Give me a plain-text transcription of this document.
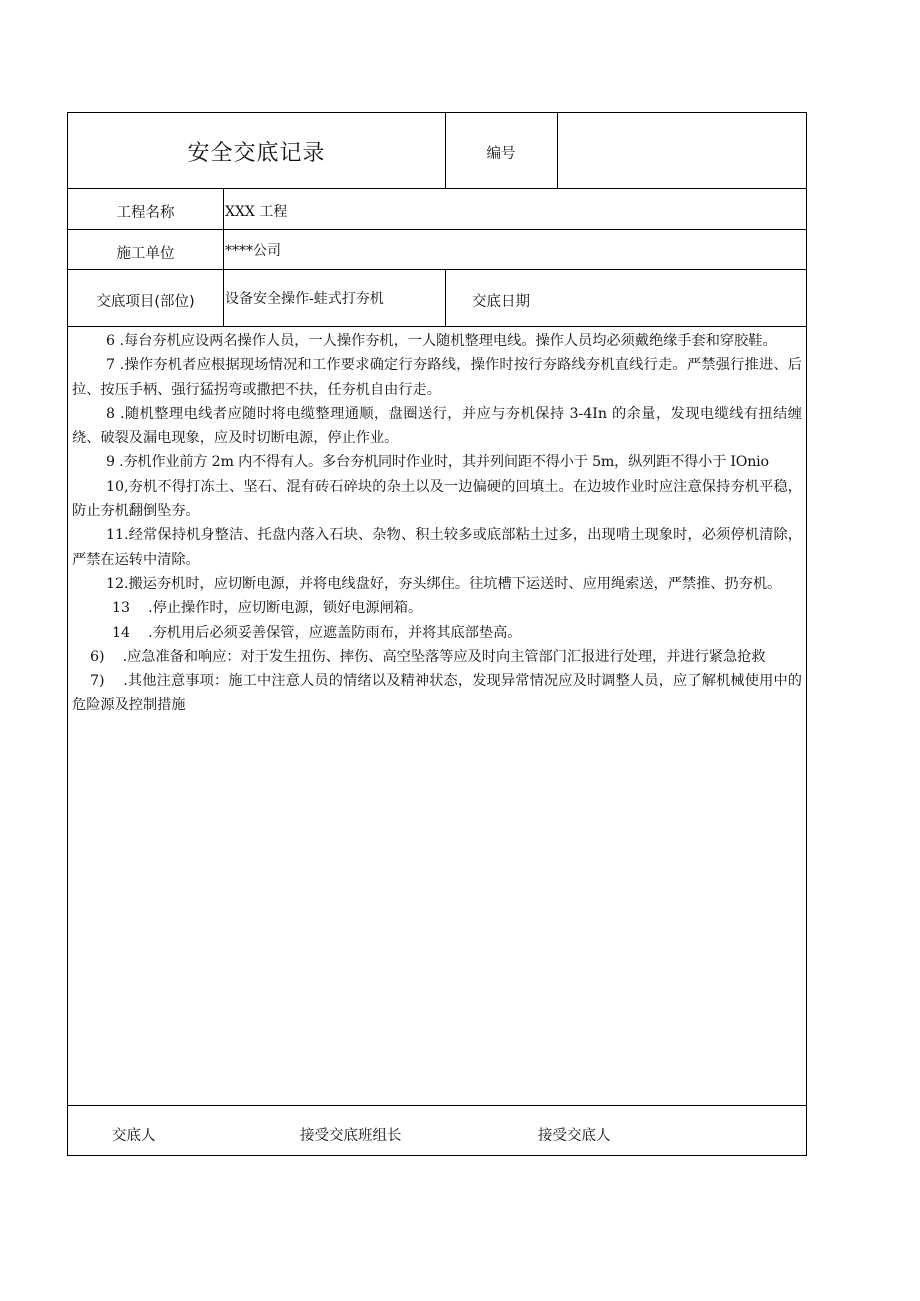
安全交底记录	编号
工程名称	XXX 工程
施工单位	****公司
交底项目(部位)	设备安全操作-蛙式打夯机	交底日期

6 .每台夯机应设两名操作人员，一人操作夯机，一人随机整理电线。操作人员均必须戴绝缘手套和穿胶鞋。

7 .操作夯机者应根据现场情况和工作要求确定行夯路线，操作时按行夯路线夯机直线行走。严禁强行推进、后拉、按压手柄、强行猛拐弯或撒把不扶，任夯机自由行走。

8 .随机整理电线者应随时将电缆整理通顺，盘圈送行，并应与夯机保持 3-4In 的余量，发现电缆线有扭结缠绕、破裂及漏电现象，应及时切断电源，停止作业。

9 .夯机作业前方 2m 内不得有人。多台夯机同时作业时，其并列间距不得小于 5m，纵列距不得小于 IOnio

10,夯机不得打冻土、坚石、混有砖石碎块的杂土以及一边偏硬的回填土。在边坡作业时应注意保持夯机平稳，防止夯机翻倒坠夯。

11.经常保持机身整洁、托盘内落入石块、杂物、积土较多或底部粘土过多，出现啃土现象时，必须停机清除，严禁在运转中清除。

12.搬运夯机时，应切断电源，并将电线盘好，夯头绑住。往坑槽下运送时、应用绳索送，严禁推、扔夯机。

13    .停止操作时，应切断电源，锁好电源闸箱。

14    .夯机用后必须妥善保管，应遮盖防雨布，并将其底部垫高。

6)    .应急准备和响应：对于发生扭伤、摔伤、高空坠落等应及时向主管部门汇报进行处理，并进行紧急抢救

7)    .其他注意事项：施工中注意人员的情绪以及精神状态，发现异常情况应及时调整人员，应了解机械使用中的危险源及控制措施

交底人	接受交底班组长	接受交底人
